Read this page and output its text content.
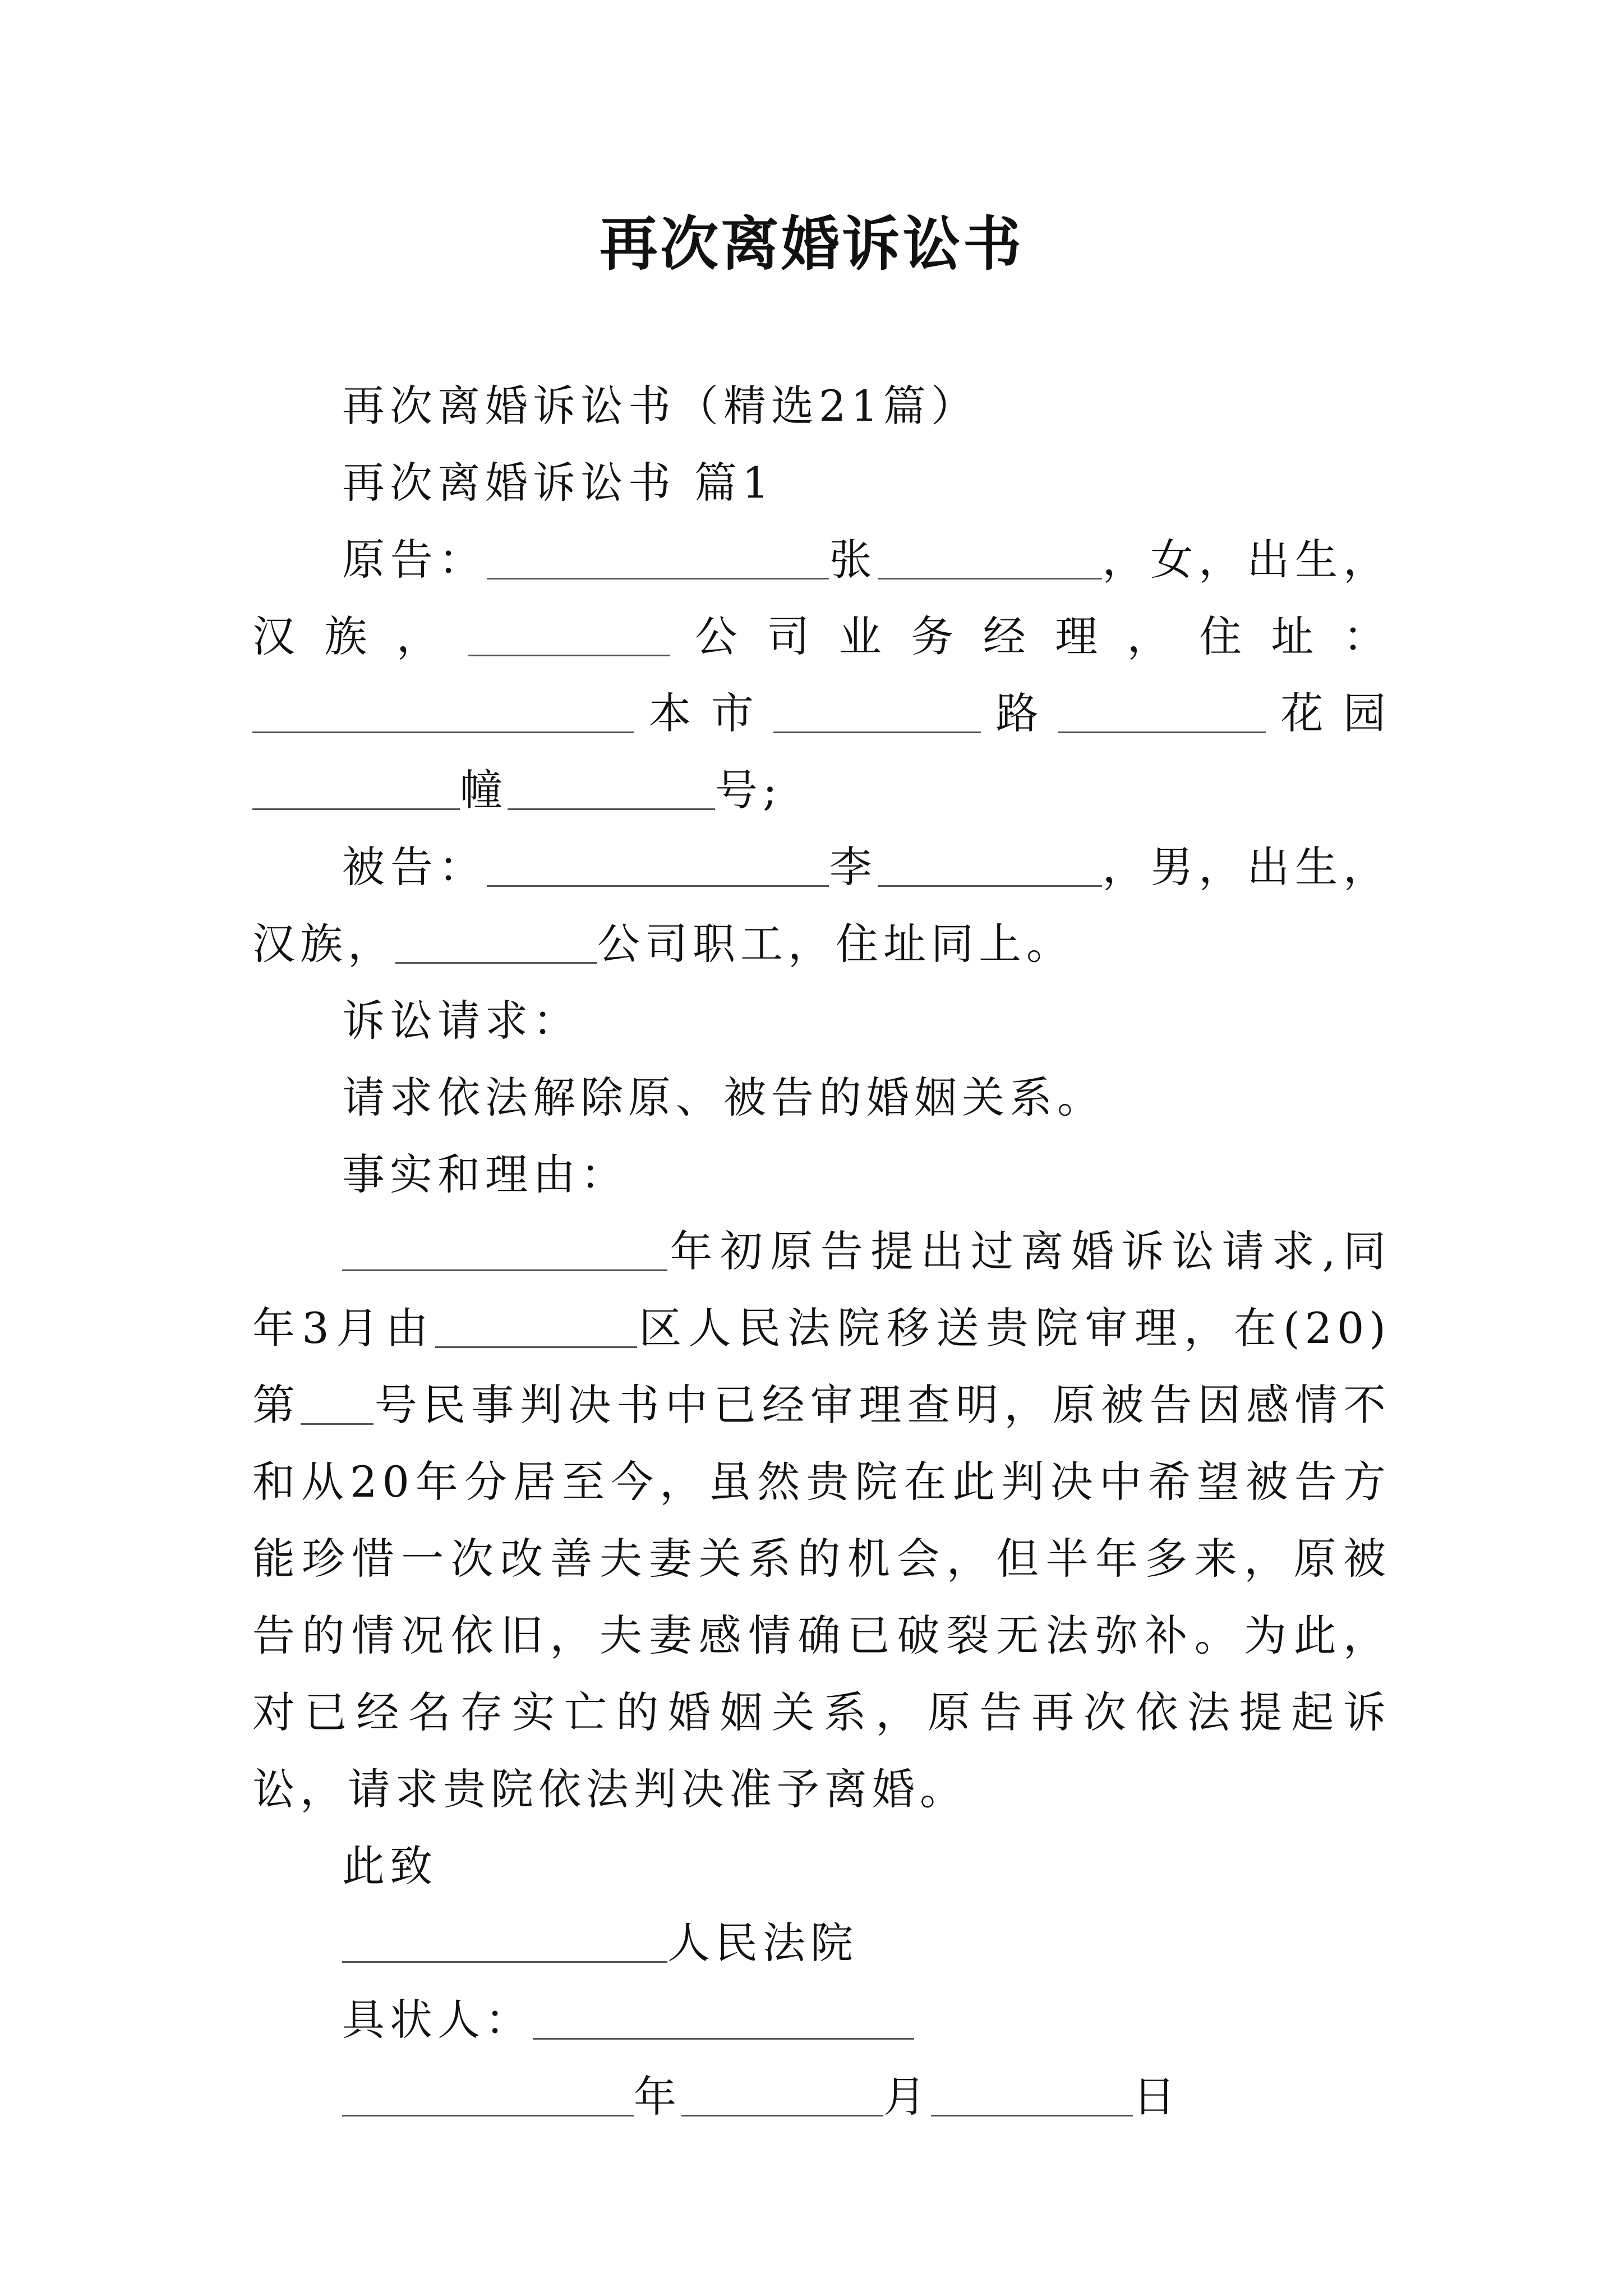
再次离婚诉讼书

再次离婚诉讼书（精选21篇）

再次离婚诉讼书 篇1

原告：	张	，女，出生，汉族，	公司业务经理，住址：本市	路	花园幢	号;

被告：	李	，男，出生，汉族，	公司职工，住址同上。

诉讼请求：

请求依法解除原、被告的婚姻关系。

事实和理由：

年初原告提出过离婚诉讼请求,同年3月由	区人民法院移送贵院审理，在(20)第 号民事判决书中已经审理查明，原被告因感情不和从20年分居至今，虽然贵院在此判决中希望被告方能珍惜一次改善夫妻关系的机会，但半年多来，原被告的情况依旧，夫妻感情确已破裂无法弥补。为此，对已经名存实亡的婚姻关系，原告再次依法提起诉讼，请求贵院依法判决准予离婚。

此致

人民法院

具状人：

年	月	日
